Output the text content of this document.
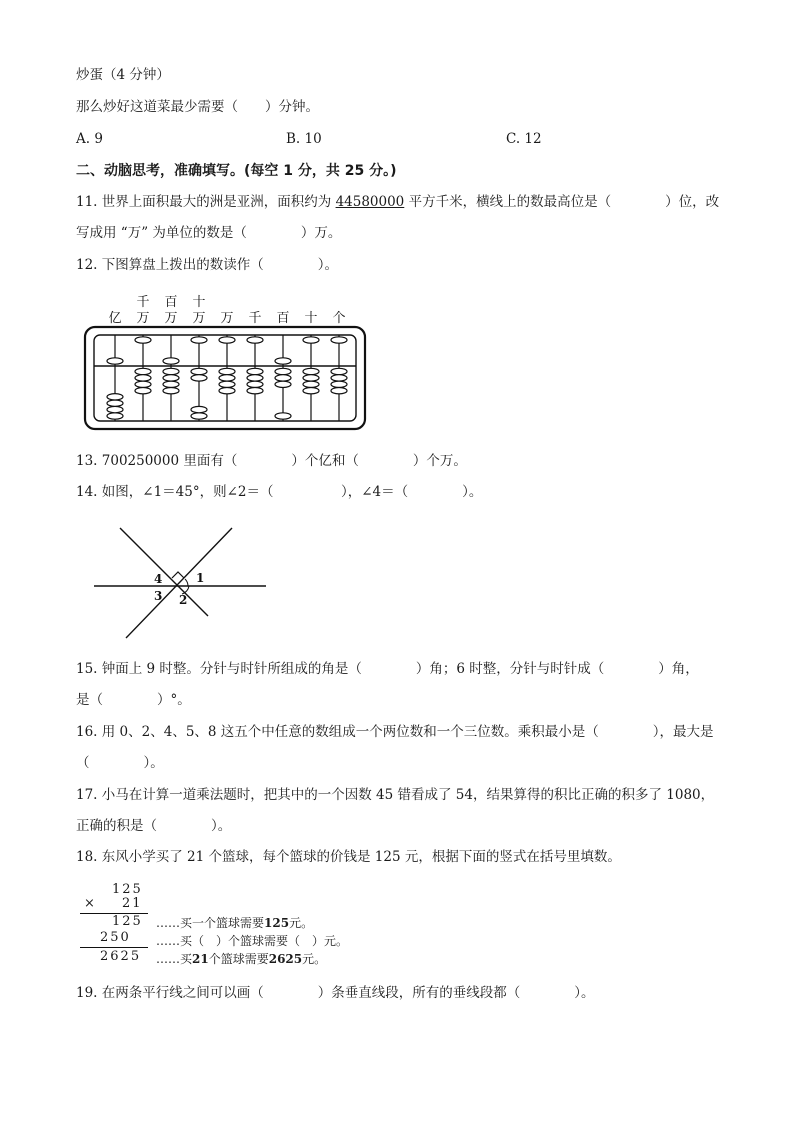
炒蛋（4 分钟）
那么炒好这道菜最少需要（　　）分钟。
A. 9	B. 10	C. 12
二、动脑思考，准确填写。(每空 1 分，共 25 分。)
11. 世界上面积最大的洲是亚洲，面积约为 44580000 平方千米，横线上的数最高位是（　　　　）位，改
写成用 “万” 为单位的数是（　　　　）万。
12. 下图算盘上拨出的数读作（　　　　）。
千 百 十
亿 万 万 万 万 千 百 十 个
13. 700250000 里面有（　　　　）个亿和（　　　　）个万。
14. 如图，∠1＝45°，则∠2＝（　　　　　），∠4＝（　　　　）。
1
2
3
4
15. 钟面上 9 时整。分针与时针所组成的角是（　　　　）角；6 时整，分针与时针成（　　　　）角，
是（　　　　）°。
16. 用 0、2、4、5、8 这五个中任意的数组成一个两位数和一个三位数。乘积最小是（　　　　），最大是
（　　　　）。
17. 小马在计算一道乘法题时，把其中的一个因数 45 错看成了 54，结果算得的积比正确的积多了 1080，
正确的积是（　　　　）。
18. 东风小学买了 21 个篮球，每个篮球的价钱是 125 元，根据下面的竖式在括号里填数。
125
× 21
125
250
2625
……买一个篮球需要125元。
……买（　）个篮球需要（　）元。
……买21个篮球需要2625元。
19. 在两条平行线之间可以画（　　　　）条垂直线段，所有的垂线段都（　　　　）。
